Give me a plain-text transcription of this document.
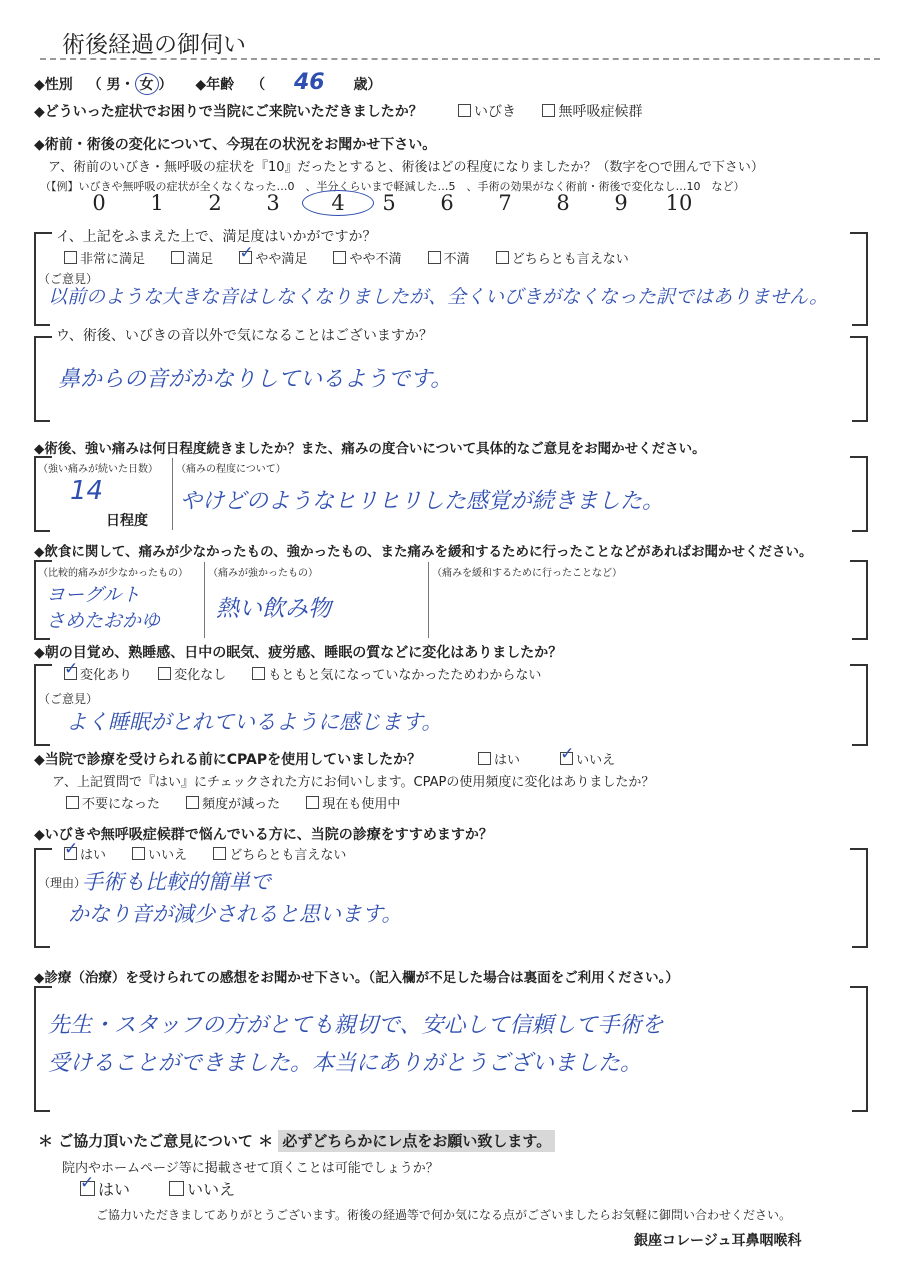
術後経過の御伺い
◆性別 （ 男・ 女 ） ◆年齢 （ 46 歳）
◆どういった症状でお困りで当院にご来院いただきましたか？	いびき	無呼吸症候群
◆術前・術後の変化について、今現在の状況をお聞かせ下さい。
ア、術前のいびき・無呼吸の症状を『10』だったとすると、術後はどの程度になりましたか？（数字を○で囲んで下さい）
（【例】いびきや無呼吸の症状が全くなくなった…0　、半分くらいまで軽減した…5　、手術の効果がなく術前・術後で変化なし…10　など）
0 1 2 3 4 5 6 7 8 9 10
イ、上記をふまえた上で、満足度はいかがですか？
非常に満足	満足 ✓	やや満足	やや不満	不満	どちらとも言えない
（ご意見）
以前のような大きな音はしなくなりましたが、全くいびきがなくなった訳ではありません。
ウ、術後、いびきの音以外で気になることはございますか？
鼻からの音がかなりしているようです。
◆術後、強い痛みは何日程度続きましたか？また、痛みの度合いについて具体的なご意見をお聞かせください。
（強い痛みが続いた日数）
14
日程度
（痛みの程度について）
やけどのようなヒリヒリした感覚が続きました。
◆飲食に関して、痛みが少なかったもの、強かったもの、また痛みを緩和するために行ったことなどがあればお聞かせください。
（比較的痛みが少なかったもの）
ヨーグルト
さめたおかゆ
（痛みが強かったもの）
熱い飲み物
（痛みを緩和するために行ったことなど）
◆朝の目覚め、熟睡感、日中の眠気、疲労感、睡眠の質などに変化はありましたか？
✓変化あり	変化なし	もともと気になっていなかったためわからない
（ご意見）
よく睡眠がとれているように感じます。
◆当院で診療を受けられる前にCPAPを使用していましたか？	はい ✓	いいえ
ア、上記質問で『はい』にチェックされた方にお伺いします。CPAPの使用頻度に変化はありましたか？
不要になった	頻度が減った	現在も使用中
◆いびきや無呼吸症候群で悩んでいる方に、当院の診療をすすめますか？
✓はい	いいえ	どちらとも言えない
（理由）
手術も比較的簡単で
かなり音が減少されると思います。
◆診療（治療）を受けられての感想をお聞かせ下さい。（記入欄が不足した場合は裏面をご利用ください。）
先生・スタッフの方がとても親切で、安心して信頼して手術を
受けることができました。本当にありがとうございました。
＊ ご協力頂いたご意見について ＊ 必ずどちらかにレ点をお願い致します。
院内やホームページ等に掲載させて頂くことは可能でしょうか？
✓はい	いいえ
ご協力いただきましてありがとうございます。術後の経過等で何か気になる点がございましたらお気軽に御問い合わせください。
銀座コレージュ耳鼻咽喉科
